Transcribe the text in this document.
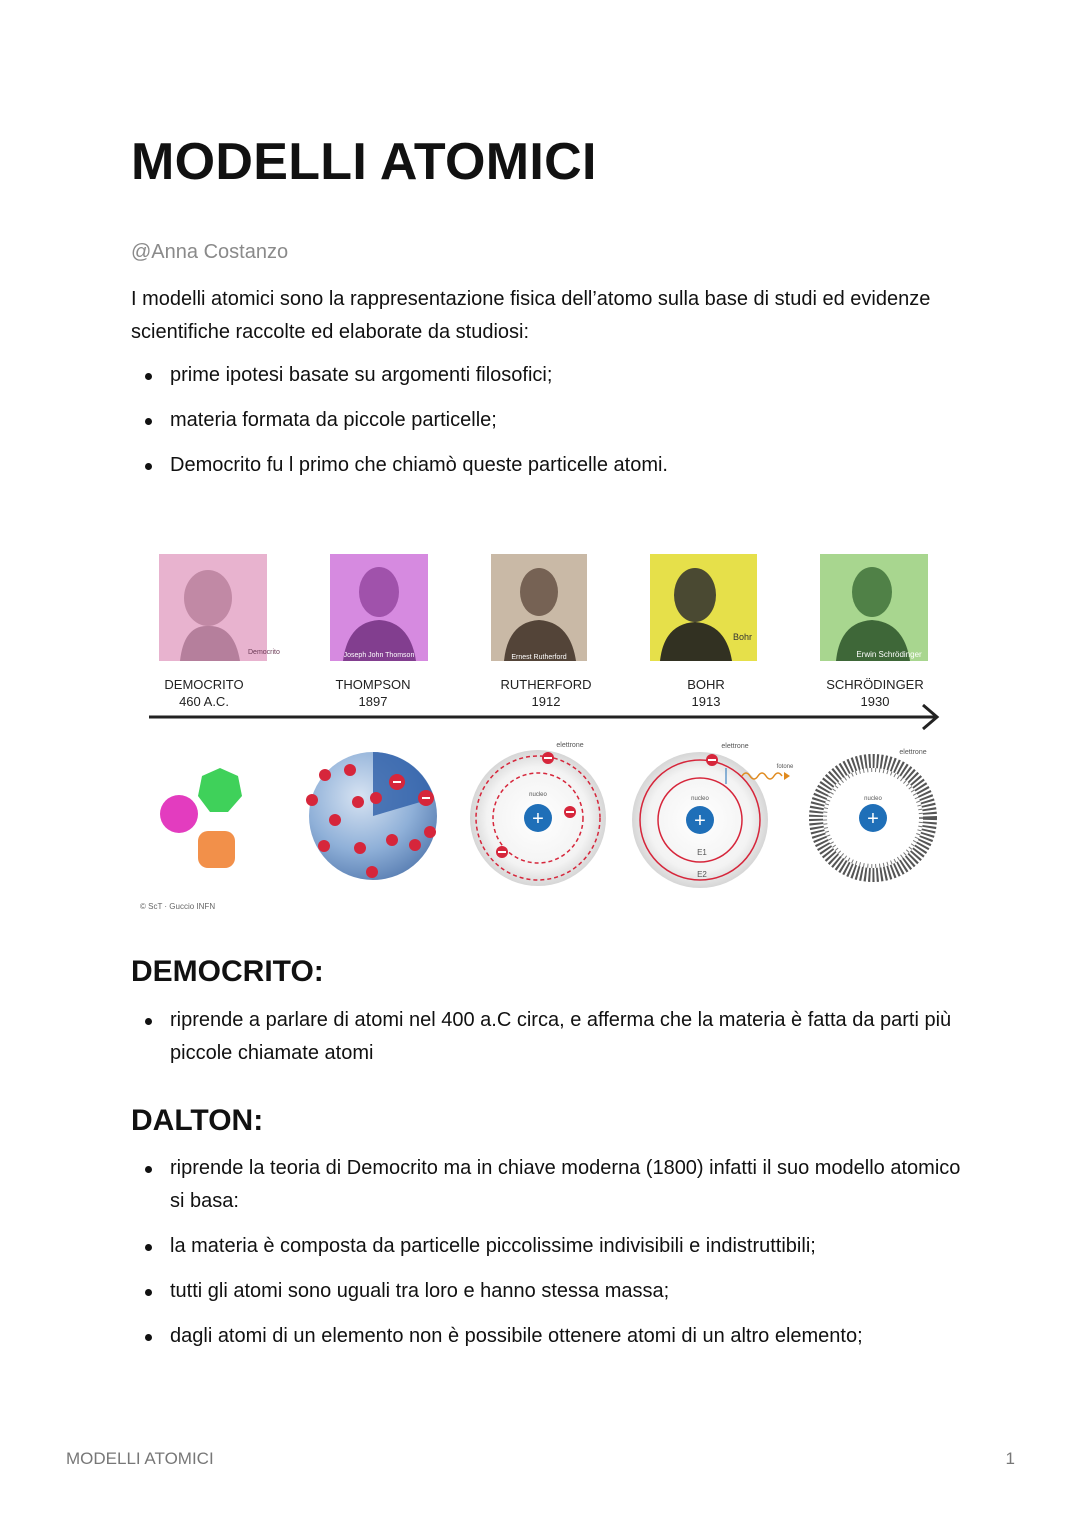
MODELLI ATOMICI
@Anna Costanzo

I modelli atomici sono la rappresentazione fisica dell’atomo sulla base di studi ed evidenze scientifiche raccolte ed elaborate da studiosi:

prime ipotesi basate su argomenti filosofici;
materia formata da piccole particelle;
Democrito fu l primo che chiamò queste particelle atomi.
Democrito	Joseph John Thomson	Ernest Rutherford
Bohr
Erwin Schrödinger
DEMOCRITO
460 A.C.
THOMPSON
1897
RUTHERFORD
1912
BOHR
1913
SCHRÖDINGER
1930
+
elettrone
nucleo
+
elettrone
fotone
nucleo
E1
E2
+
elettrone
nucleo
© ScT · Guccio INFN
DEMOCRITO:
riprende a parlare di atomi nel 400 a.C circa, e afferma che la materia è fatta da parti più piccole chiamate atomi
DALTON:
riprende la teoria di Democrito ma in chiave moderna (1800) infatti il suo modello atomico si basa:
la materia è composta da particelle piccolissime indivisibili e indistruttibili;
tutti gli atomi sono uguali tra loro e hanno stessa massa;
dagli atomi di un elemento non è possibile ottenere atomi di un altro elemento;
MODELLI ATOMICI	1
